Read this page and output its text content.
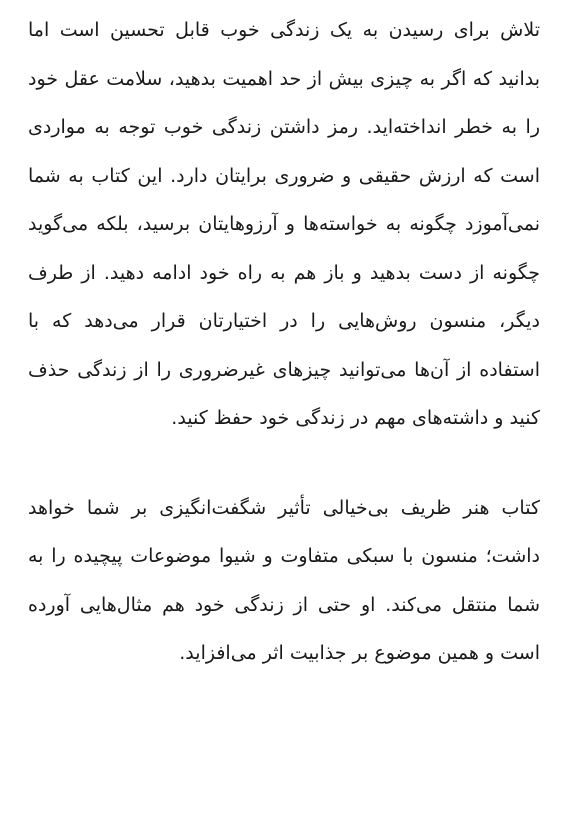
تلاش برای رسیدن به یک زندگی خوب قابل تحسین است اما بدانید که اگر به چیزی بیش از حد اهمیت بدهید، سلامت عقل خود را به خطر انداخته‌اید. رمز داشتن زندگی خوب توجه به مواردی است که ارزش حقیقی و ضروری برایتان دارد. این کتاب به شما نمی‌آموزد چگونه به خواسته‌ها و آرزوهایتان برسید، بلکه می‌گوید چگونه از دست بدهید و باز هم به راه خود ادامه دهید. از طرف دیگر، منسون روش‌هایی را در اختیارتان قرار می‌دهد که با استفاده از آن‌ها می‌توانید چیزهای غیرضروری را از زندگی حذف کنید و داشته‌های مهم در زندگی خود حفظ کنید.

کتاب هنر ظریف بی‌خیالی تأثیر شگفت‌انگیزی بر شما خواهد داشت؛ منسون با سبکی متفاوت و شیوا موضوعات پیچیده را به شما منتقل می‌کند. او حتی از زندگی خود هم مثال‌هایی آورده است و همین موضوع بر جذابیت اثر می‌افزاید.
